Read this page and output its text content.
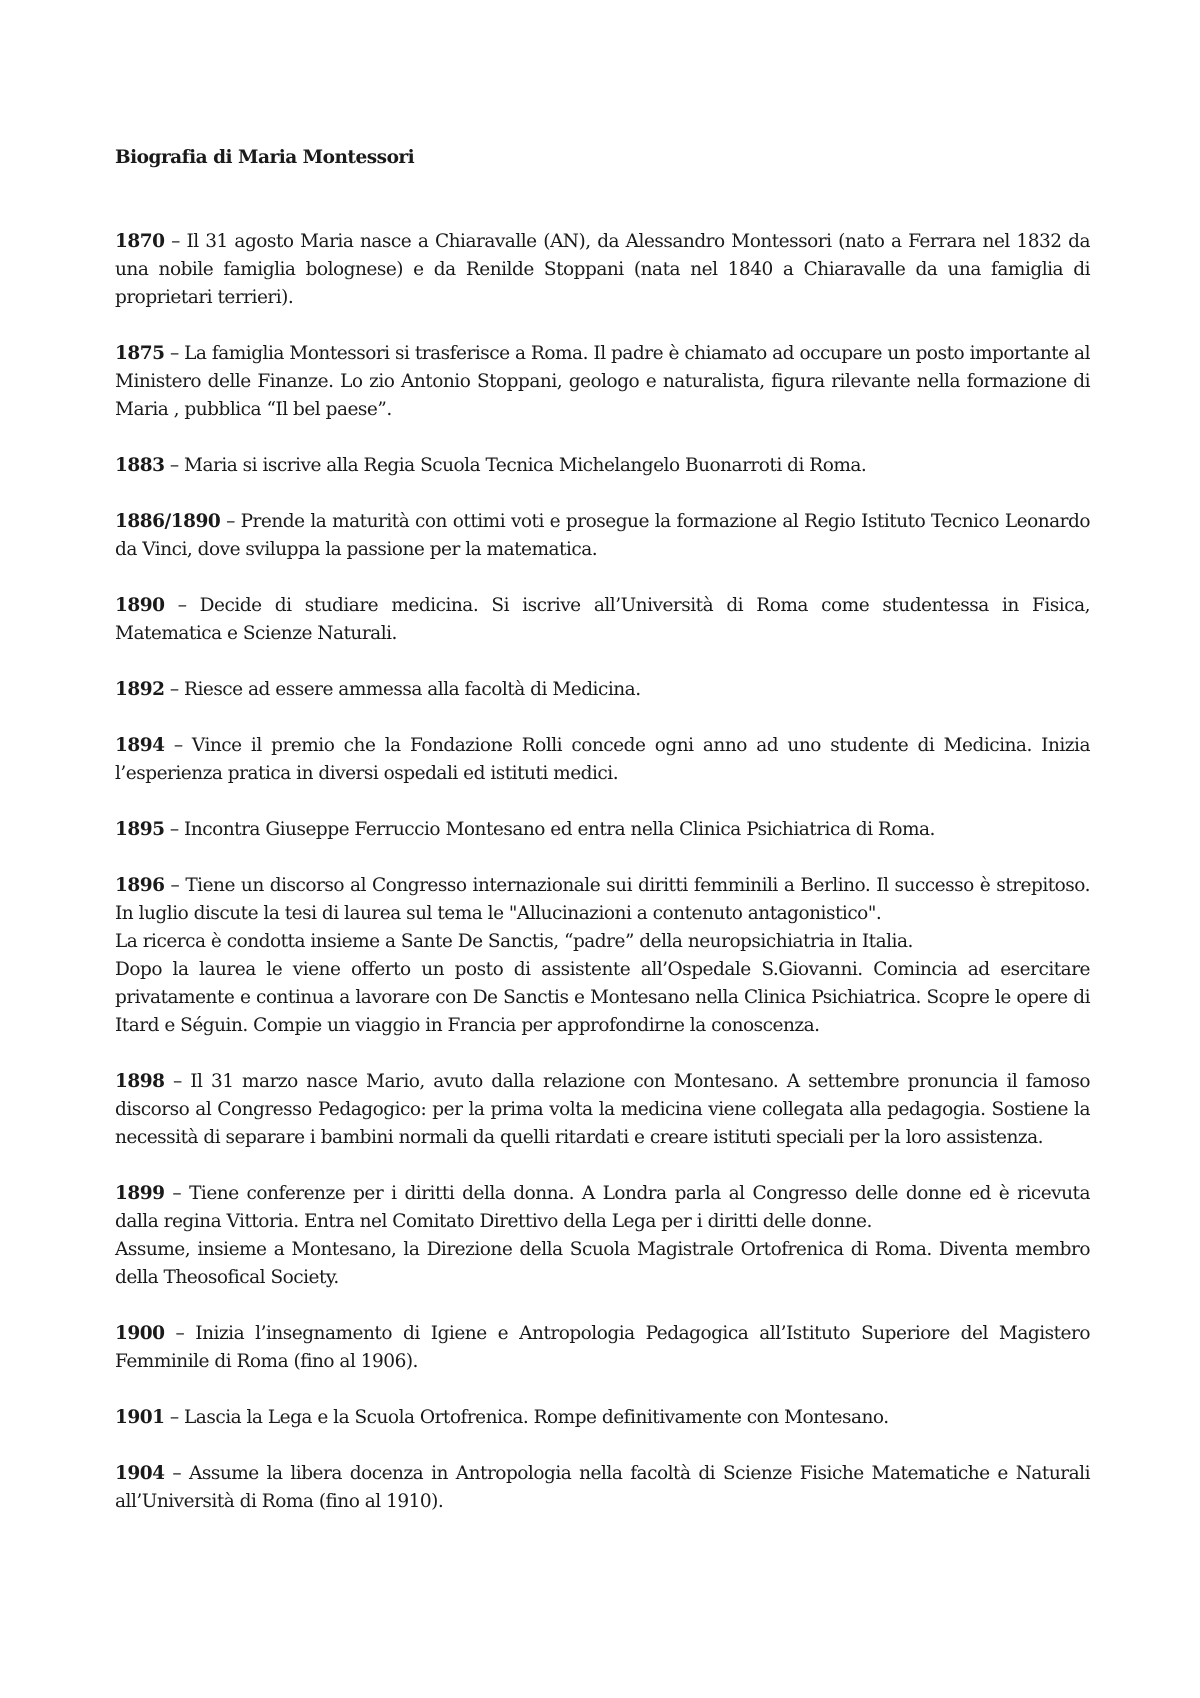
Biografia di Maria Montessori
1870 – Il 31 agosto Maria nasce a Chiaravalle (AN), da Alessandro Montessori (nato a Ferrara nel 1832 da una nobile famiglia bolognese) e da Renilde Stoppani (nata nel 1840 a Chiaravalle da una famiglia di proprietari terrieri).
1875 – La famiglia Montessori si trasferisce a Roma. Il padre è chiamato ad occupare un posto importante al Ministero delle Finanze. Lo zio Antonio Stoppani, geologo e naturalista, figura rilevante nella formazione di Maria , pubblica “Il bel paese”.
1883 – Maria si iscrive alla Regia Scuola Tecnica Michelangelo Buonarroti di Roma.
1886/1890 – Prende la maturità con ottimi voti e prosegue la formazione al Regio Istituto Tecnico Leonardo da Vinci, dove sviluppa la passione per la matematica.
1890 – Decide di studiare medicina. Si iscrive all’Università di Roma come studentessa in Fisica, Matematica e Scienze Naturali.
1892 – Riesce ad essere ammessa alla facoltà di Medicina.
1894 – Vince il premio che la Fondazione Rolli concede ogni anno ad uno studente di Medicina. Inizia l’esperienza pratica in diversi ospedali ed istituti medici.
1895 – Incontra Giuseppe Ferruccio Montesano ed entra nella Clinica Psichiatrica di Roma.
1896 – Tiene un discorso al Congresso internazionale sui diritti femminili a Berlino. Il successo è strepitoso. In luglio discute la tesi di laurea sul tema le "Allucinazioni a contenuto antagonistico".
La ricerca è condotta insieme a Sante De Sanctis, “padre” della neuropsichiatria in Italia.
Dopo la laurea le viene offerto un posto di assistente all’Ospedale S.Giovanni. Comincia ad esercitare privatamente e continua a lavorare con De Sanctis e Montesano nella Clinica Psichiatrica. Scopre le opere di Itard e Séguin. Compie un viaggio in Francia per approfondirne la conoscenza.
1898 – Il 31 marzo nasce Mario, avuto dalla relazione con Montesano. A settembre pronuncia il famoso discorso al Congresso Pedagogico: per la prima volta la medicina viene collegata alla pedagogia. Sostiene la necessità di separare i bambini normali da quelli ritardati e creare istituti speciali per la loro assistenza.
1899 – Tiene conferenze per i diritti della donna. A Londra parla al Congresso delle donne ed è ricevuta dalla regina Vittoria. Entra nel Comitato Direttivo della Lega per i diritti delle donne.
Assume, insieme a Montesano, la Direzione della Scuola Magistrale Ortofrenica di Roma. Diventa membro della Theosofical Society.
1900 – Inizia l’insegnamento di Igiene e Antropologia Pedagogica all’Istituto Superiore del Magistero Femminile di Roma (fino al 1906).
1901 – Lascia la Lega e la Scuola Ortofrenica. Rompe definitivamente con Montesano.
1904 – Assume la libera docenza in Antropologia nella facoltà di Scienze Fisiche Matematiche e Naturali all’Università di Roma (fino al 1910).
